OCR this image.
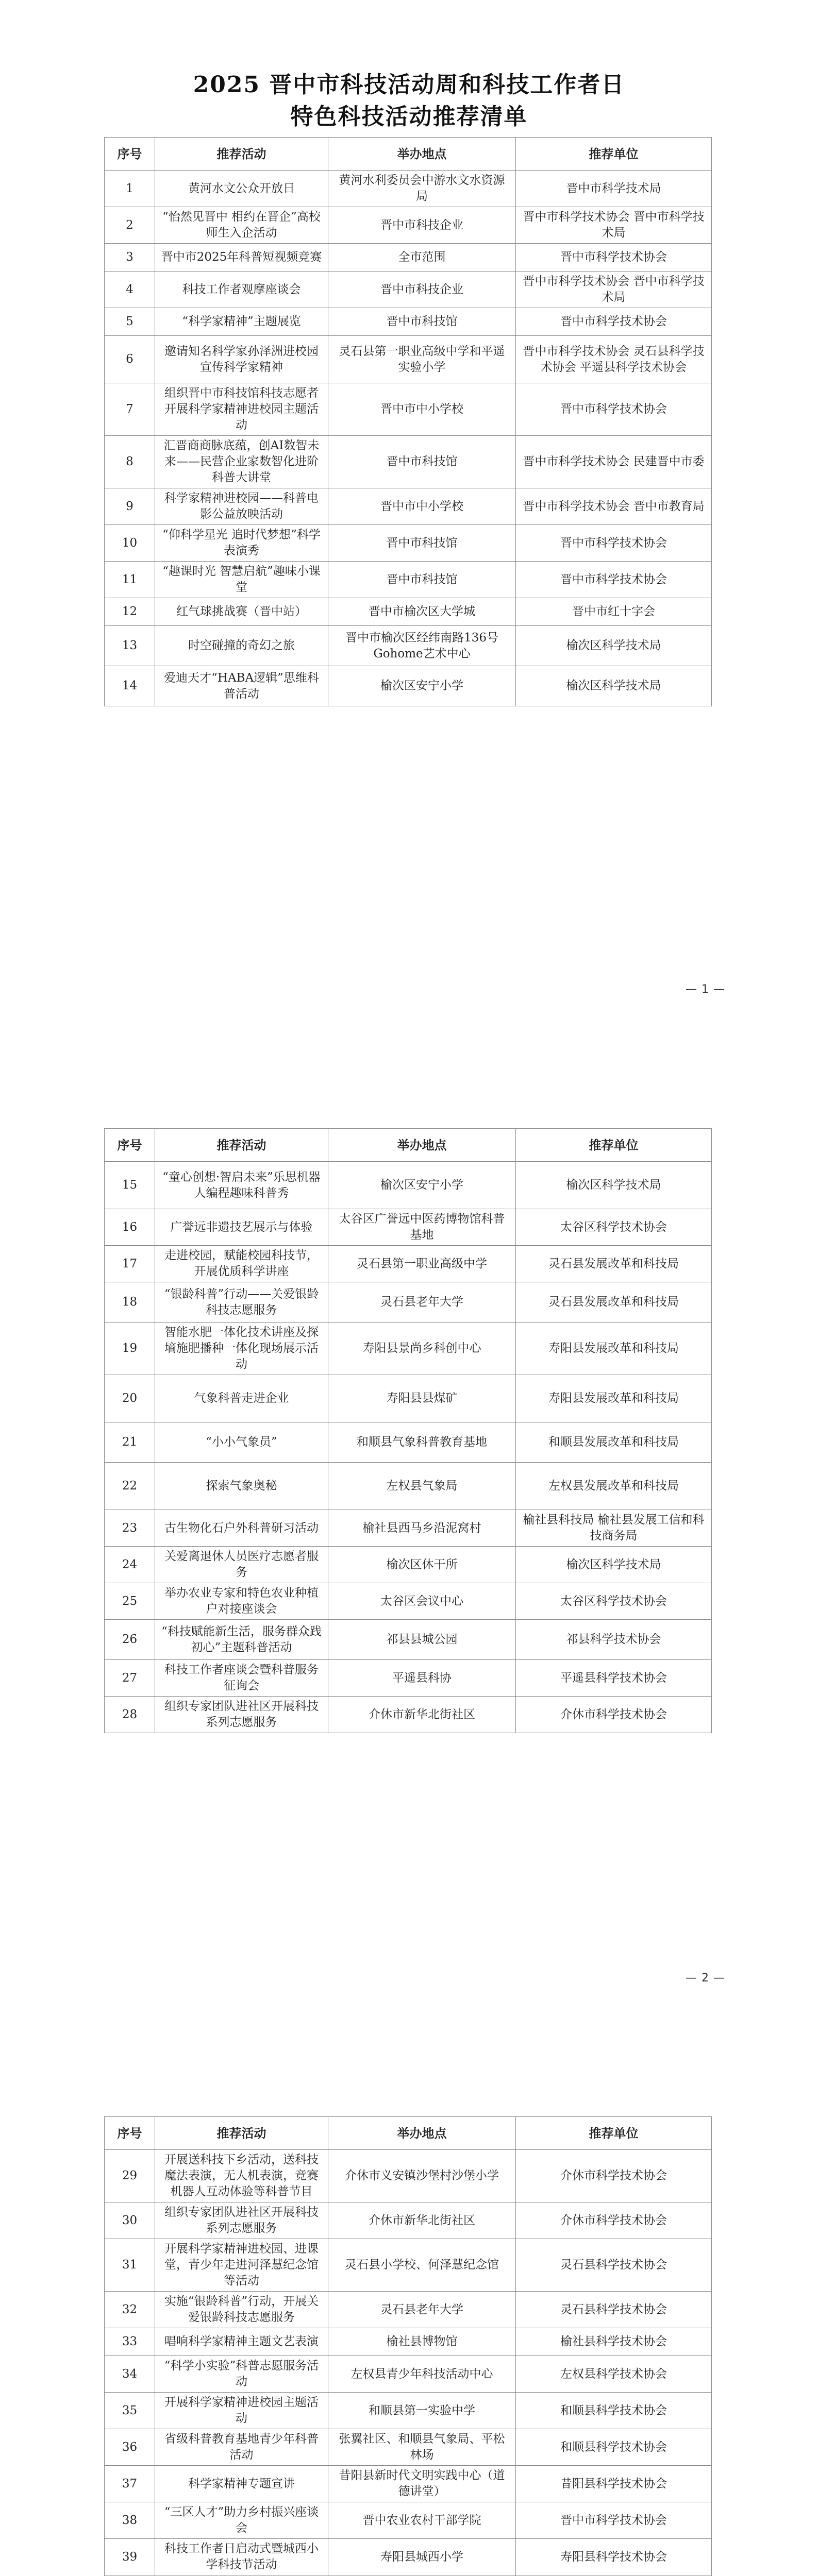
2025 晋中市科技活动周和科技工作者日
特色科技活动推荐清单
序号	推荐活动	举办地点	推荐单位
1	黄河水文公众开放日	黄河水利委员会中游水文水资源局	晋中市科学技术局
2	“怡然见晋中 相约在晋企”高校师生入企活动	晋中市科技企业	晋中市科学技术协会 晋中市科学技术局
3	晋中市2025年科普短视频竞赛	全市范围	晋中市科学技术协会
4	科技工作者观摩座谈会	晋中市科技企业	晋中市科学技术协会 晋中市科学技术局
5	“科学家精神”主题展览	晋中市科技馆	晋中市科学技术协会
6	邀请知名科学家孙泽洲进校园宣传科学家精神	灵石县第一职业高级中学和平遥实验小学	晋中市科学技术协会 灵石县科学技术协会 平遥县科学技术协会
7	组织晋中市科技馆科技志愿者开展科学家精神进校园主题活动	晋中市中小学校	晋中市科学技术协会
8	汇晋商商脉底蕴，创AI数智未来——民营企业家数智化进阶科普大讲堂	晋中市科技馆	晋中市科学技术协会 民建晋中市委
9	科学家精神进校园——科普电影公益放映活动	晋中市中小学校	晋中市科学技术协会 晋中市教育局
10	“仰科学星光 追时代梦想”科学表演秀	晋中市科技馆	晋中市科学技术协会
11	“趣课时光 智慧启航”趣味小课堂	晋中市科技馆	晋中市科学技术协会
12	红气球挑战赛（晋中站）	晋中市榆次区大学城	晋中市红十字会
13	时空碰撞的奇幻之旅	晋中市榆次区经纬南路136号Gohome艺术中心	榆次区科学技术局
14	爱迪天才“HABA逻辑”思维科普活动	榆次区安宁小学	榆次区科学技术局
— 1 —
序号	推荐活动	举办地点	推荐单位
15	“童心创想·智启未来”乐思机器人编程趣味科普秀	榆次区安宁小学	榆次区科学技术局
16	广誉远非遗技艺展示与体验	太谷区广誉远中医药博物馆科普基地	太谷区科学技术协会
17	走进校园，赋能校园科技节，开展优质科学讲座	灵石县第一职业高级中学	灵石县发展改革和科技局
18	“银龄科普”行动——关爱银龄科技志愿服务	灵石县老年大学	灵石县发展改革和科技局
19	智能水肥一体化技术讲座及探墒施肥播种一体化现场展示活动	寿阳县景尚乡科创中心	寿阳县发展改革和科技局
20	气象科普走进企业	寿阳县县煤矿	寿阳县发展改革和科技局
21	“小小气象员”	和顺县气象科普教育基地	和顺县发展改革和科技局
22	探索气象奥秘	左权县气象局	左权县发展改革和科技局
23	古生物化石户外科普研习活动	榆社县西马乡沿泥窝村	榆社县科技局 榆社县发展工信和科技商务局
24	关爱离退休人员医疗志愿者服务	榆次区休干所	榆次区科学技术局
25	举办农业专家和特色农业种植户对接座谈会	太谷区会议中心	太谷区科学技术协会
26	“科技赋能新生活，服务群众践初心”主题科普活动	祁县县城公园	祁县科学技术协会
27	科技工作者座谈会暨科普服务征询会	平遥县科协	平遥县科学技术协会
28	组织专家团队进社区开展科技系列志愿服务	介休市新华北街社区	介休市科学技术协会
— 2 —
序号	推荐活动	举办地点	推荐单位
29	开展送科技下乡活动，送科技魔法表演，无人机表演，竞赛机器人互动体验等科普节目	介休市义安镇沙堡村沙堡小学	介休市科学技术协会
30	组织专家团队进社区开展科技系列志愿服务	介休市新华北街社区	介休市科学技术协会
31	开展科学家精神进校园、进课堂，青少年走进河泽慧纪念馆等活动	灵石县小学校、何泽慧纪念馆	灵石县科学技术协会
32	实施“银龄科普”行动，开展关爱银龄科技志愿服务	灵石县老年大学	灵石县科学技术协会
33	唱响科学家精神主题文艺表演	榆社县博物馆	榆社县科学技术协会
34	“科学小实验”科普志愿服务活动	左权县青少年科技活动中心	左权县科学技术协会
35	开展科学家精神进校园主题活动	和顺县第一实验中学	和顺县科学技术协会
36	省级科普教育基地青少年科普活动	张翼社区、和顺县气象局、平松林场	和顺县科学技术协会
37	科学家精神专题宣讲	昔阳县新时代文明实践中心（道德讲堂）	昔阳县科学技术协会
38	“三区人才”助力乡村振兴座谈会	晋中农业农村干部学院	晋中市科学技术协会
39	科技工作者日启动式暨城西小学科技节活动	寿阳县城西小学	寿阳县科学技术协会
